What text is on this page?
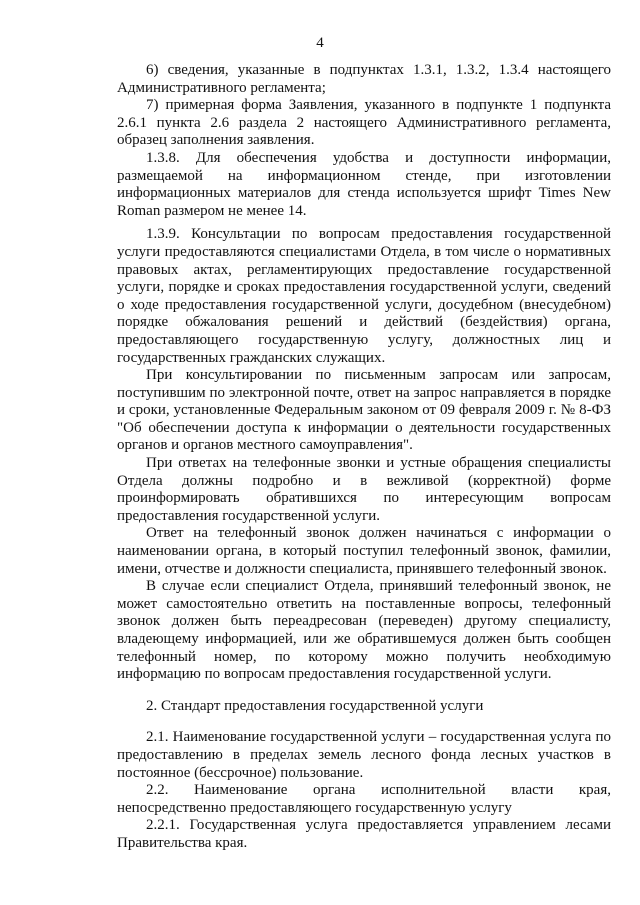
4

6) сведения, указанные в подпунктах 1.3.1, 1.3.2, 1.3.4 настоящего Административного регламента;

7) примерная форма Заявления, указанного в подпункте 1 подпункта 2.6.1 пункта 2.6 раздела 2 настоящего Административного регламента, образец заполнения заявления.

1.3.8. Для обеспечения удобства и доступности информации, размещаемой на информационном стенде, при изготовлении информационных материалов для стенда используется шрифт Times New Roman размером не менее 14.

1.3.9. Консультации по вопросам предоставления государственной услуги предоставляются специалистами Отдела, в том числе о нормативных правовых актах, регламентирующих предоставление государственной услуги, порядке и сроках предоставления государственной услуги, сведений о ходе предоставления государственной услуги, досудебном (внесудебном) порядке обжалования решений и действий (бездействия) органа, предоставляющего государственную услугу, должностных лиц и государственных гражданских служащих.

При консультировании по письменным запросам или запросам, поступившим по электронной почте, ответ на запрос направляется в порядке и сроки, установленные Федеральным законом от 09 февраля 2009 г. № 8-ФЗ "Об обеспечении доступа к информации о деятельности государственных органов и органов местного самоуправления".

При ответах на телефонные звонки и устные обращения специалисты Отдела должны подробно и в вежливой (корректной) форме проинформировать обратившихся по интересующим вопросам предоставления государственной услуги.

Ответ на телефонный звонок должен начинаться с информации о наименовании органа, в который поступил телефонный звонок, фамилии, имени, отчестве и должности специалиста, принявшего телефонный звонок.

В случае если специалист Отдела, принявший телефонный звонок, не может самостоятельно ответить на поставленные вопросы, телефонный звонок должен быть переадресован (переведен) другому специалисту, владеющему информацией, или же обратившемуся должен быть сообщен телефонный номер, по которому можно получить необходимую информацию по вопросам предоставления государственной услуги.

2. Стандарт предоставления государственной услуги

2.1. Наименование государственной услуги – государственная услуга по предоставлению в пределах земель лесного фонда лесных участков в постоянное (бессрочное) пользование.

2.2. Наименование органа исполнительной власти края, непосредственно предоставляющего государственную услугу

2.2.1. Государственная услуга предоставляется управлением лесами Правительства края.
